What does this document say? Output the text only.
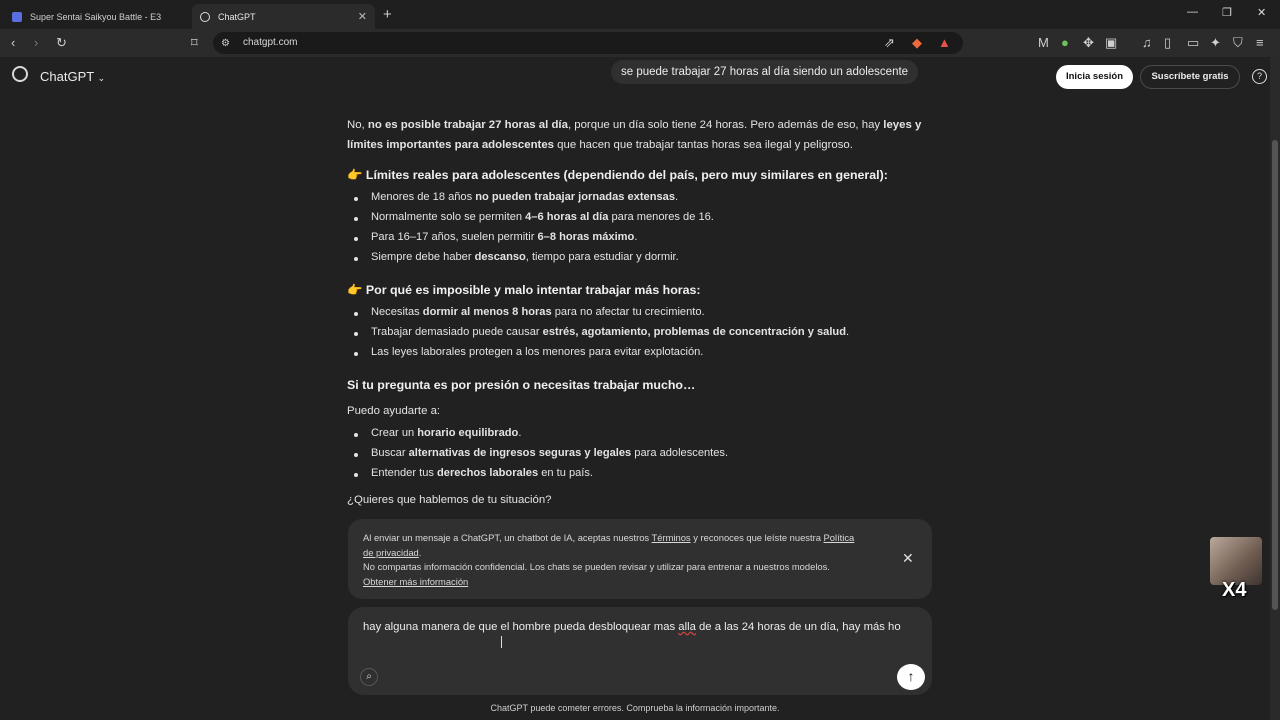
Super Sentai Saikyou Battle - E3	ChatGPT	✕ +	— ❐ ✕
‹ › ↻	⌑ ⚙ chatgpt.com	⇗ ◆ ▲	M ● ✥ ▣ ♫ ▯ ▭ ✦ ⛉ ≡
ChatGPT ⌄	se puede trabajar 27 horas al día siendo un adolescente	Inicia sesión	Suscríbete gratis	?
No, no es posible trabajar 27 horas al día, porque un día solo tiene 24 horas. Pero además de eso, hay leyes y límites importantes para adolescentes que hacen que trabajar tantas horas sea ilegal y peligroso.
👉 Límites reales para adolescentes (dependiendo del país, pero muy similares en general):
Menores de 18 años no pueden trabajar jornadas extensas.
Normalmente solo se permiten 4–6 horas al día para menores de 16.
Para 16–17 años, suelen permitir 6–8 horas máximo.
Siempre debe haber descanso, tiempo para estudiar y dormir.
👉 Por qué es imposible y malo intentar trabajar más horas:
Necesitas dormir al menos 8 horas para no afectar tu crecimiento.
Trabajar demasiado puede causar estrés, agotamiento, problemas de concentración y salud.
Las leyes laborales protegen a los menores para evitar explotación.
Si tu pregunta es por presión o necesitas trabajar mucho…
Puedo ayudarte a:
Crear un horario equilibrado.
Buscar alternativas de ingresos seguras y legales para adolescentes.
Entender tus derechos laborales en tu país.
¿Quieres que hablemos de tu situación?
Al enviar un mensaje a ChatGPT, un chatbot de IA, aceptas nuestros Términos y reconoces que leíste nuestra Política de privacidad.
No compartas información confidencial. Los chats se pueden revisar y utilizar para entrenar a nuestros modelos. Obtener más información
✕
hay alguna manera de que el hombre pueda desbloquear mas alla de a las 24 horas de un día, hay más ho
⌕	↑
ChatGPT puede cometer errores. Comprueba la información importante.
X4
